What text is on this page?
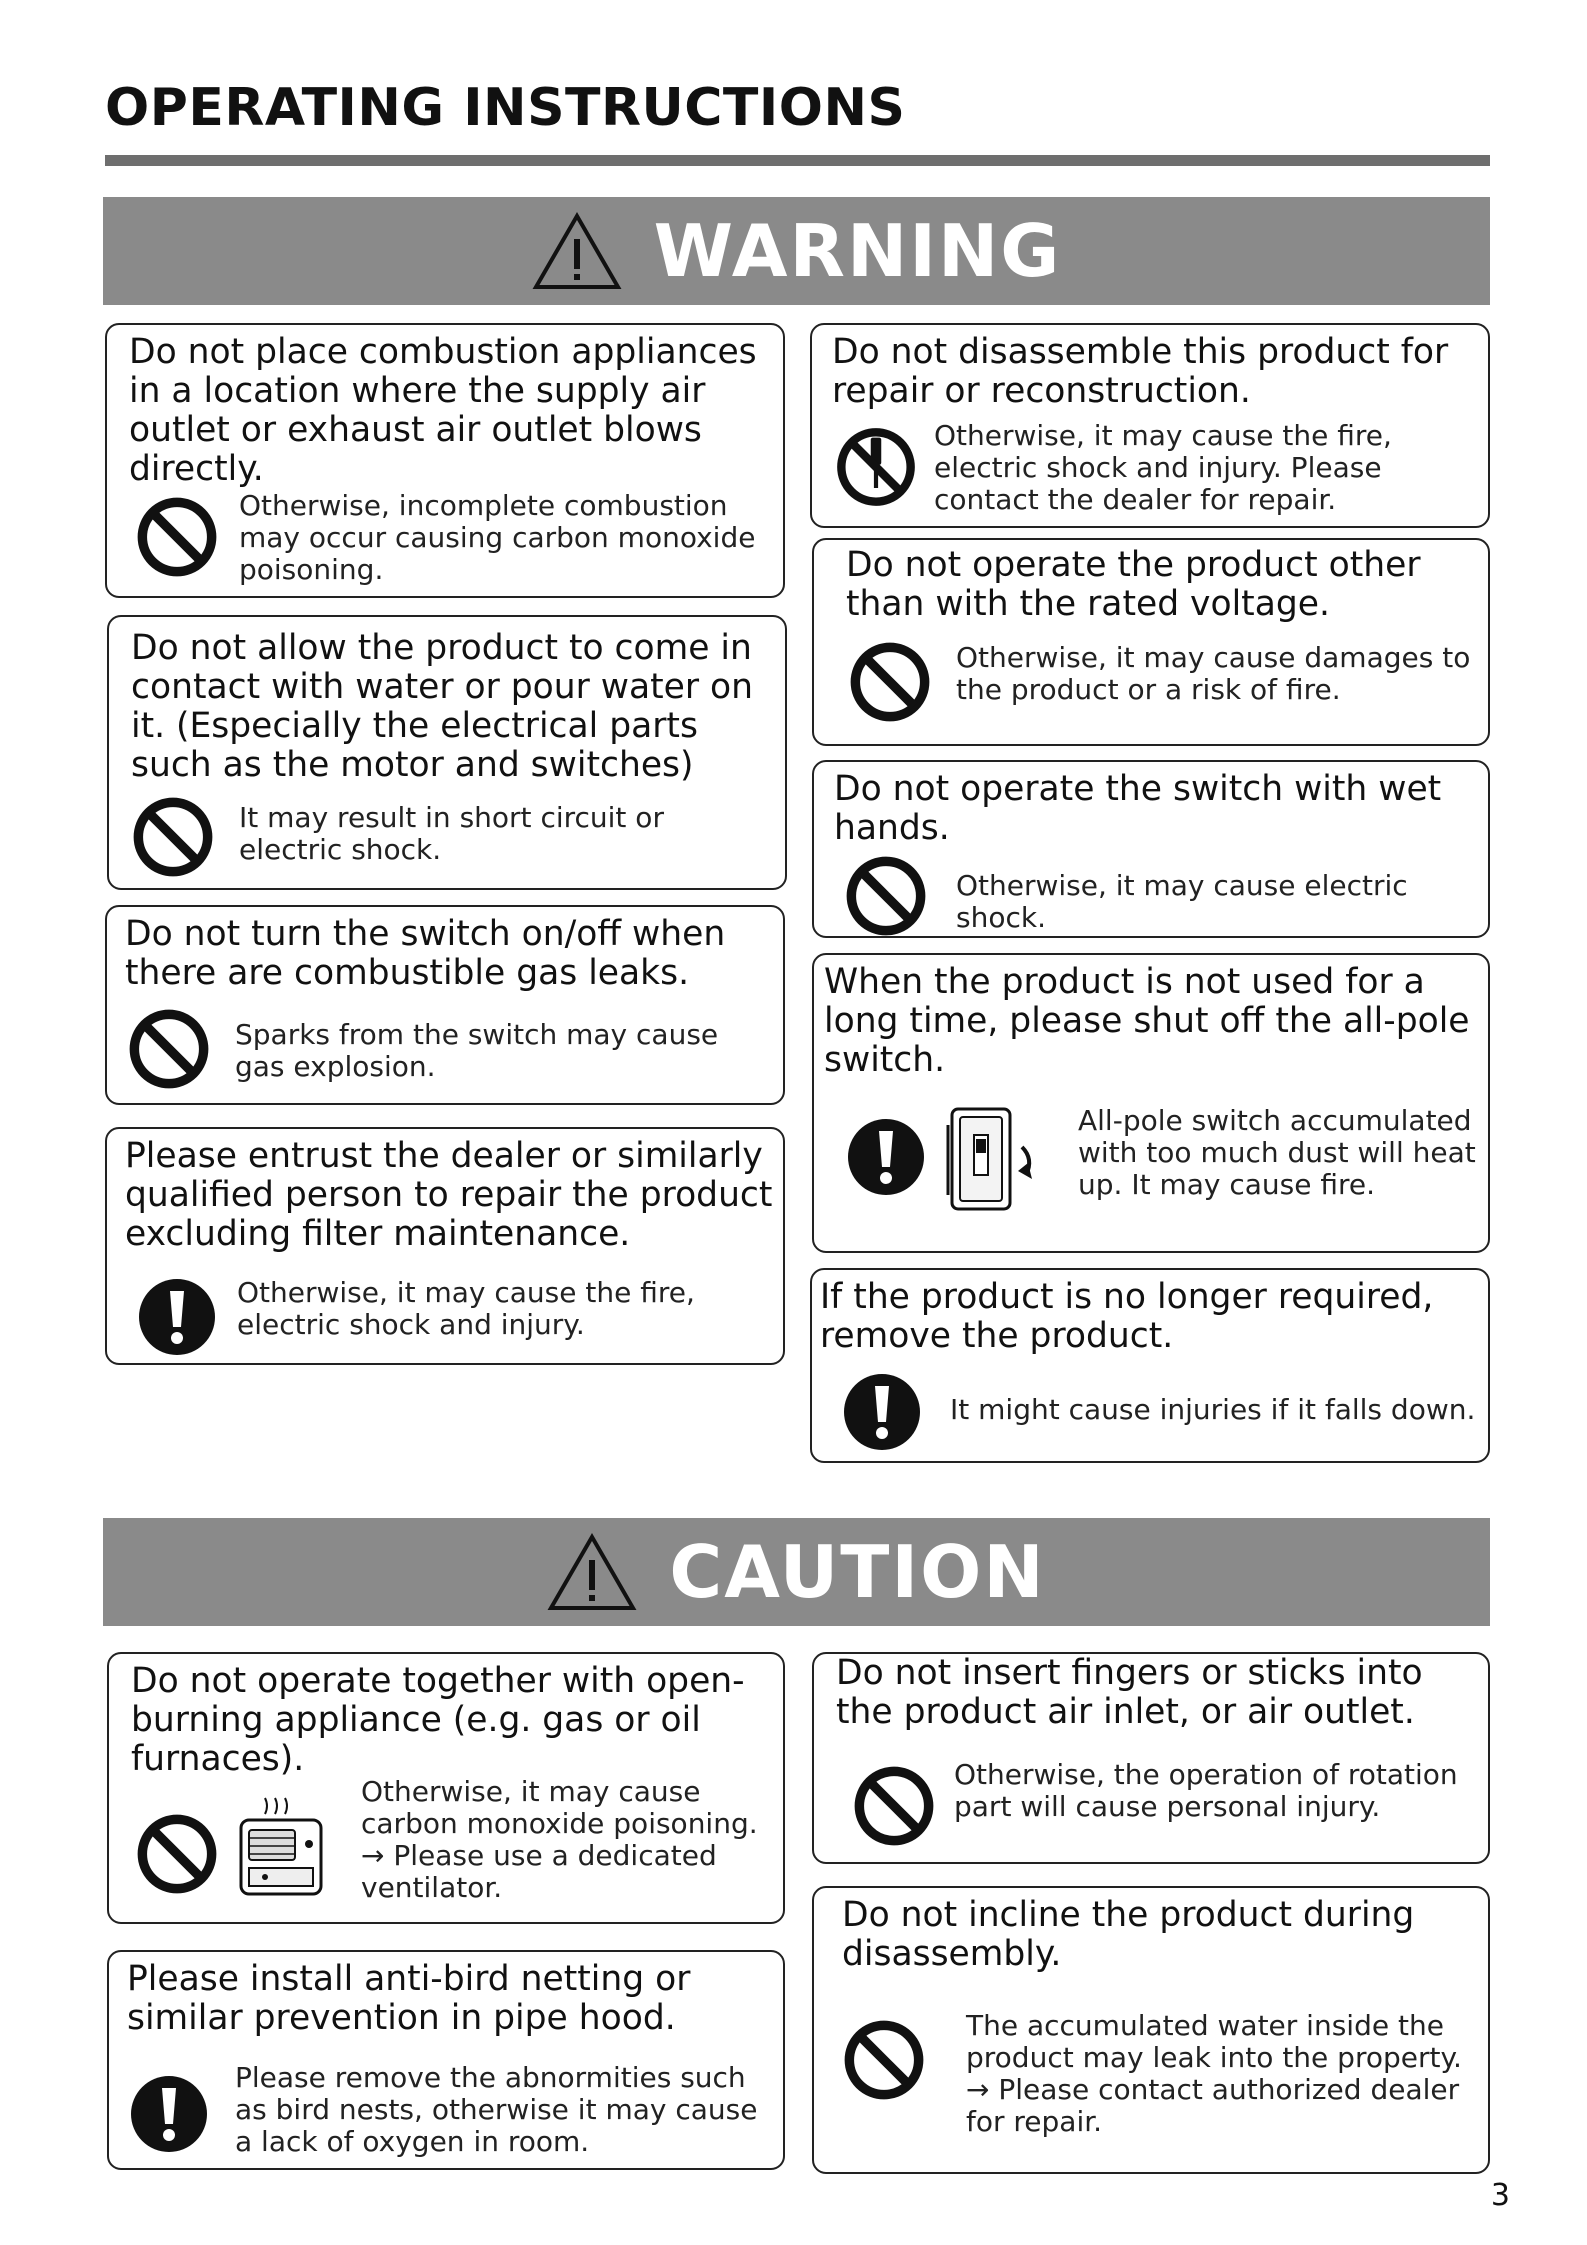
OPERATING INSTRUCTIONS
WARNING
Do not place combustion appliances in a location where the supply air outlet or exhaust air outlet blows directly.
Otherwise, incomplete combustion may occur causing carbon monoxide poisoning.
Do not allow the product to come in contact with water or pour water on it. (Especially the electrical parts such as the motor and switches)
It may result in short circuit or electric shock.
Do not turn the switch on/off when there are combustible gas leaks.
Sparks from the switch may cause gas explosion.
Please entrust the dealer or similarly qualified person to repair the product excluding filter maintenance.
Otherwise, it may cause the fire, electric shock and injury.
Do not disassemble this product for repair or reconstruction.
Otherwise, it may cause the fire, electric shock and injury. Please contact the dealer for repair.
Do not operate the product other than with the rated voltage.
Otherwise, it may cause damages to the product or a risk of fire.
Do not operate the switch with wet hands.
Otherwise, it may cause electric shock.
When the product is not used for a long time, please shut off the all-pole switch.
All-pole switch accumulated with too much dust will heat up. It may cause fire.
If the product is no longer required, remove the product.
It might cause injuries if it falls down.
CAUTION
Do not operate together with open-burning appliance (e.g. gas or oil furnaces).
Otherwise, it may cause carbon monoxide poisoning. → Please use a dedicated ventilator.
Please install anti-bird netting or similar prevention in pipe hood.
Please remove the abnormities such as bird nests, otherwise it may cause a lack of oxygen in room.
Do not insert fingers or sticks into the product air inlet, or air outlet.
Otherwise, the operation of rotation part will cause personal injury.
Do not incline the product during disassembly.
The accumulated water inside the product may leak into the property. → Please contact authorized dealer for repair.
3
